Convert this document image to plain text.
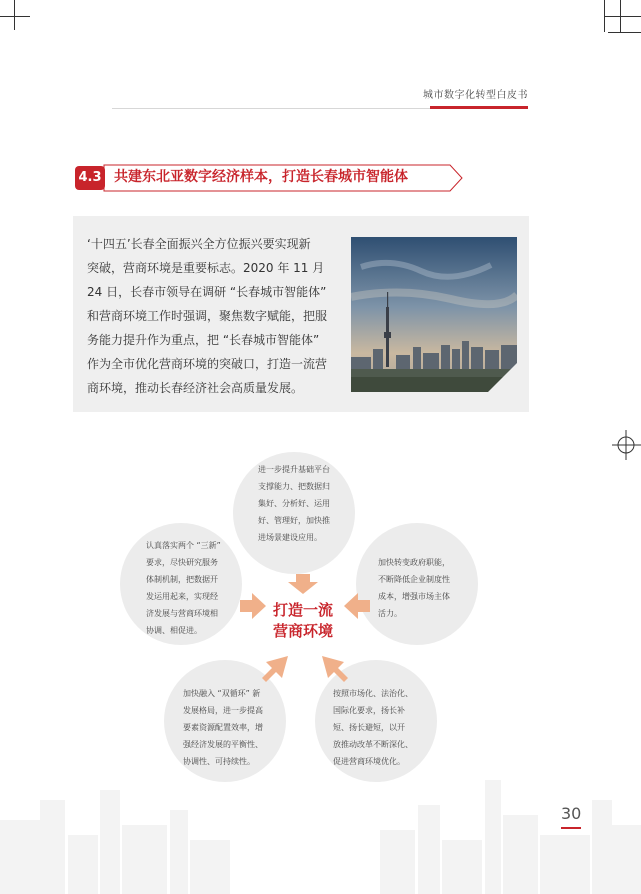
城市数字化转型白皮书
4.3 共建东北亚数字经济样本，打造长春城市智能体
‘十四五’长春全面振兴全方位振兴要实现新
突破，营商环境是重要标志。2020 年 11 月
24 日，长春市领导在调研 “长春城市智能体”
和营商环境工作时强调，聚焦数字赋能，把服
务能力提升作为重点，把 “长春城市智能体”
作为全市优化营商环境的突破口，打造一流营
商环境，推动长春经济社会高质量发展。
进一步提升基础平台
支撑能力、把数据归
集好、分析好、运用
好、管理好，加快推
进场景建设应用。
认真落实两个 “三新”
要求，尽快研究服务
体制机制，把数据开
发运用起来，实现经
济发展与营商环境相
协调、相促进。
加快转变政府职能，
不断降低企业制度性
成本，增强市场主体
活力。
加快融入 “双循环” 新
发展格局，进一步提高
要素资源配置效率，增
强经济发展的平衡性、
协调性、可持续性。
按照市场化、法治化、
国际化要求，扬长补
短、扬长避短，以开
放推动改革不断深化、
促进营商环境优化。
打造一流
营商环境
30
